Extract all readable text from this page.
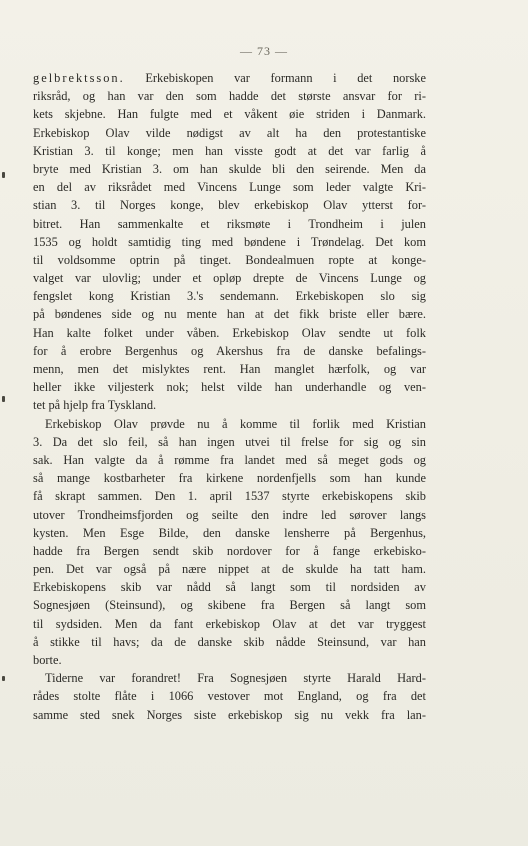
— 73 —
gelbrektsson. Erkebiskopen var formann i det norske
riksråd, og han var den som hadde det største ansvar for ri-
kets skjebne. Han fulgte med et våkent øie striden i Danmark.
Erkebiskop Olav vilde nødigst av alt ha den protestantiske
Kristian 3. til konge; men han visste godt at det var farlig å
bryte med Kristian 3. om han skulde bli den seirende. Men da
en del av riksrådet med Vincens Lunge som leder valgte Kri-
stian 3. til Norges konge, blev erkebiskop Olav ytterst for-
bitret. Han sammenkalte et riksmøte i Trondheim i julen
1535 og holdt samtidig ting med bøndene i Trøndelag. Det kom
til voldsomme optrin på tinget. Bondealmuen ropte at konge-
valget var ulovlig; under et opløp drepte de Vincens Lunge og
fengslet kong Kristian 3.'s sendemann. Erkebiskopen slo sig
på bøndenes side og nu mente han at det fikk briste eller bære.
Han kalte folket under våben. Erkebiskop Olav sendte ut folk
for å erobre Bergenhus og Akershus fra de danske befalings-
menn, men det mislyktes rent. Han manglet hærfolk, og var
heller ikke viljesterk nok; helst vilde han underhandle og ven-
tet på hjelp fra Tyskland.
Erkebiskop Olav prøvde nu å komme til forlik med Kristian
3. Da det slo feil, så han ingen utvei til frelse for sig og sin
sak. Han valgte da å rømme fra landet med så meget gods og
så mange kostbarheter fra kirkene nordenfjells som han kunde
få skrapt sammen. Den 1. april 1537 styrte erkebiskopens skib
utover Trondheimsfjorden og seilte den indre led sørover langs
kysten. Men Esge Bilde, den danske lensherre på Bergenhus,
hadde fra Bergen sendt skib nordover for å fange erkebisko-
pen. Det var også på nære nippet at de skulde ha tatt ham.
Erkebiskopens skib var nådd så langt som til nordsiden av
Sognesjøen (Steinsund), og skibene fra Bergen så langt som
til sydsiden. Men da fant erkebiskop Olav at det var tryggest
å stikke til havs; da de danske skib nådde Steinsund, var han
borte.
Tiderne var forandret! Fra Sognesjøen styrte Harald Hard-
rådes stolte flåte i 1066 vestover mot England, og fra det
samme sted snek Norges siste erkebiskop sig nu vekk fra lan-
